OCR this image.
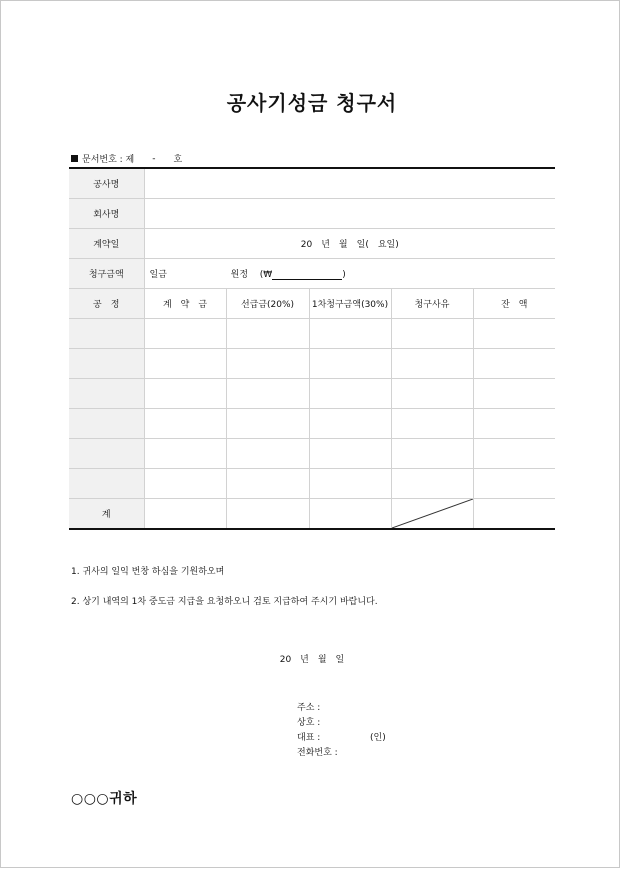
공사기성금 청구서
문서번호 : 제 - 호
공사명					
회사명					
계약일	20　년　월　일(　요일)				
청구금액	일금 원정 (₩ )				
공　정	계　약　금	선급금(20%)	1차청구금액(30%)	청구사유	잔　액

계				

1. 귀사의 일익 번창 하심을 기원하오며
2. 상기 내역의 1차 중도금 지급을 요청하오니 검토 지급하여 주시기 바랍니다.
20　년　월　일
주소 :
상호 :
대표 :	(인)
전화번호 :
○○○귀하
